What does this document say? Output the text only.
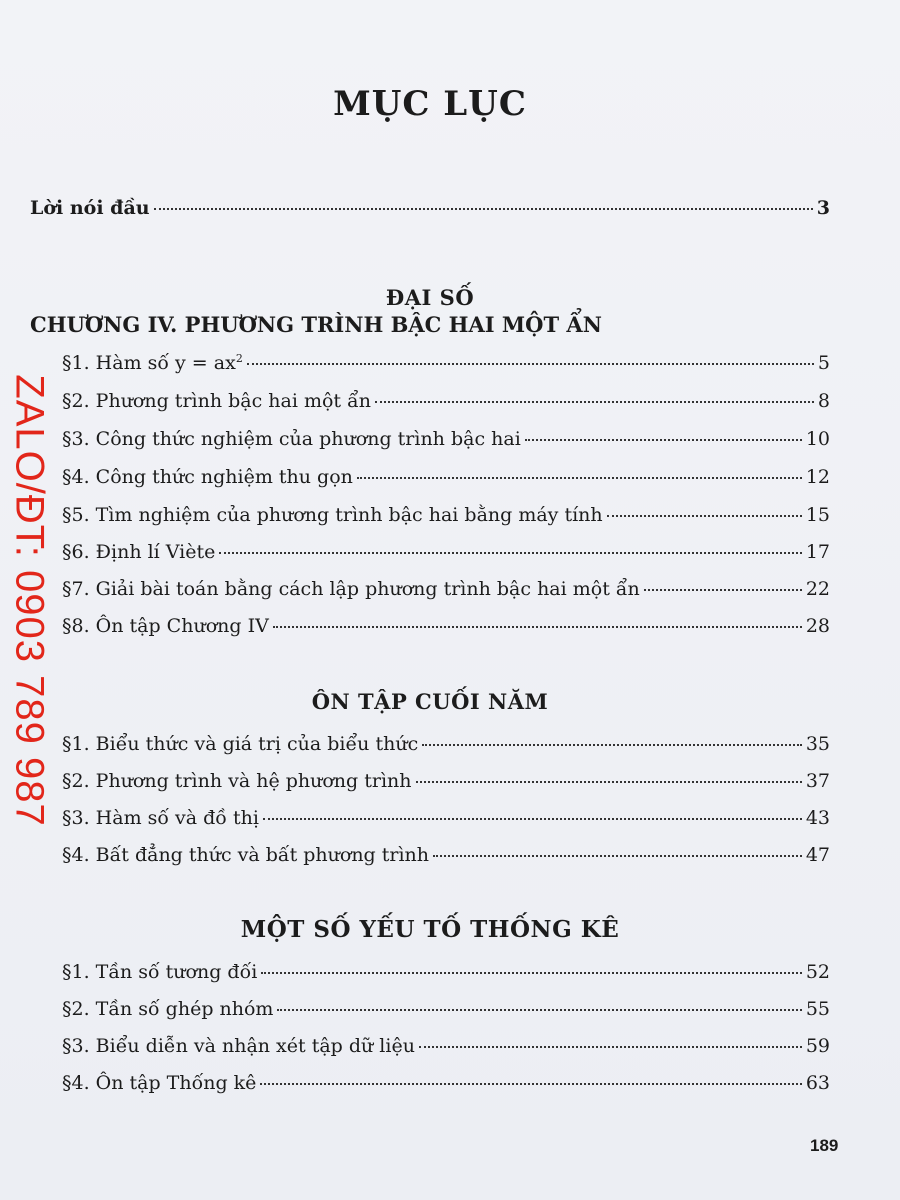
MỤC LỤC
Lời nói đầu	3
ĐẠI SỐ
CHƯƠNG IV. PHƯƠNG TRÌNH BẬC HAI MỘT ẨN
§1. Hàm số $y = ax^2$	5
§2. Phương trình bậc hai một ẩn	8
§3. Công thức nghiệm của phương trình bậc hai	10
§4. Công thức nghiệm thu gọn	12
§5. Tìm nghiệm của phương trình bậc hai bằng máy tính	15
§6. Định lí Viète	17
§7. Giải bài toán bằng cách lập phương trình bậc hai một ẩn	22
§8. Ôn tập Chương IV	28
ÔN TẬP CUỐI NĂM
§1. Biểu thức và giá trị của biểu thức	35
§2. Phương trình và hệ phương trình	37
§3. Hàm số và đồ thị	43
§4. Bất đẳng thức và bất phương trình	47
MỘT SỐ YẾU TỐ THỐNG KÊ
§1. Tần số tương đối	52
§2. Tần số ghép nhóm	55
§3. Biểu diễn và nhận xét tập dữ liệu	59
§4. Ôn tập Thống kê	63
189
ZALO/ĐT: 0903 789 987
